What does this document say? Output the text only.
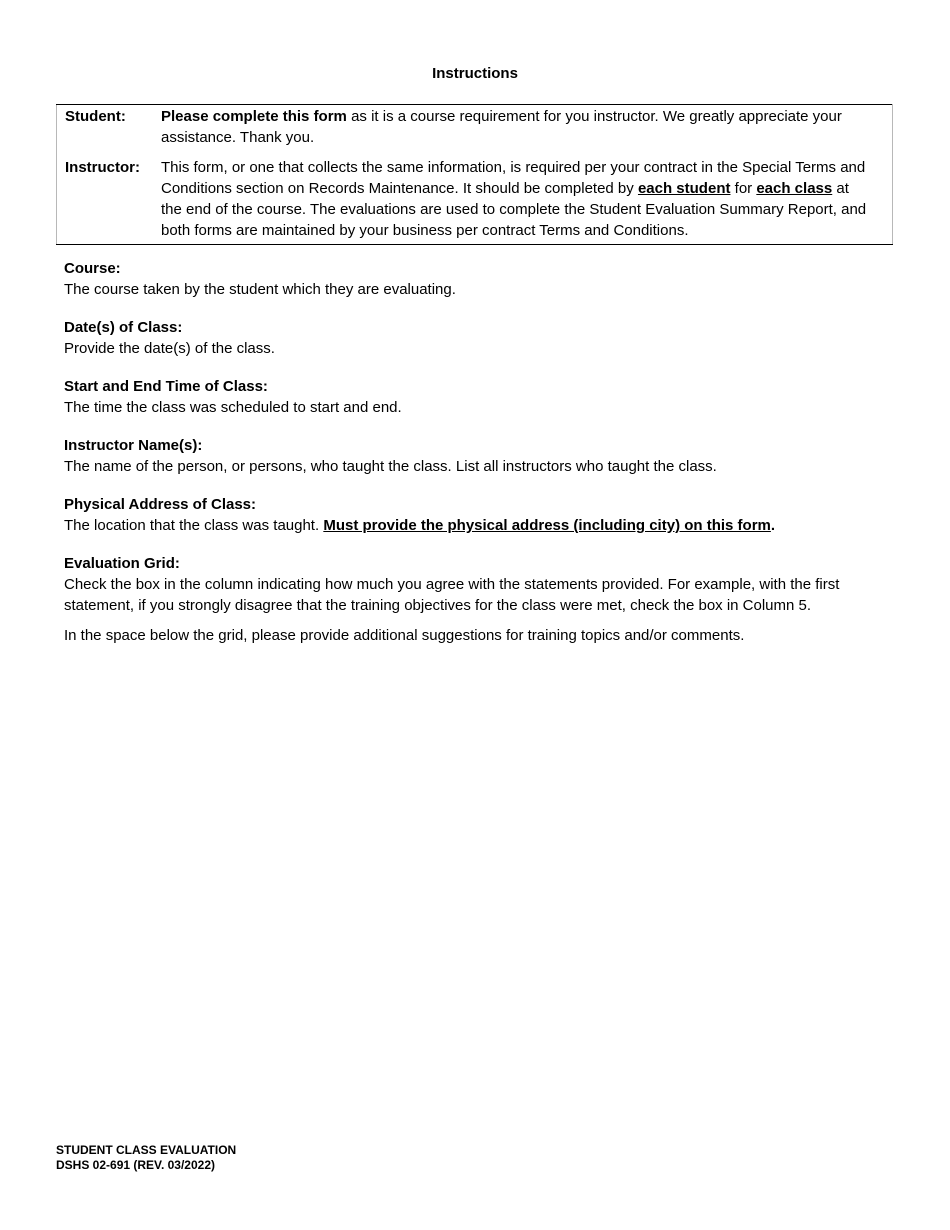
Instructions
Student:	Please complete this form as it is a course requirement for you instructor. We greatly appreciate your assistance. Thank you.
Instructor:	This form, or one that collects the same information, is required per your contract in the Special Terms and Conditions section on Records Maintenance. It should be completed by each student for each class at the end of the course. The evaluations are used to complete the Student Evaluation Summary Report, and both forms are maintained by your business per contract Terms and Conditions.
Course:
The course taken by the student which they are evaluating.
Date(s) of Class:
Provide the date(s) of the class.
Start and End Time of Class:
The time the class was scheduled to start and end.
Instructor Name(s):
The name of the person, or persons, who taught the class. List all instructors who taught the class.
Physical Address of Class:
The location that the class was taught. Must provide the physical address (including city) on this form.
Evaluation Grid:
Check the box in the column indicating how much you agree with the statements provided. For example, with the first statement, if you strongly disagree that the training objectives for the class were met, check the box in Column 5.
In the space below the grid, please provide additional suggestions for training topics and/or comments.
STUDENT CLASS EVALUATION
DSHS 02-691 (REV. 03/2022)
